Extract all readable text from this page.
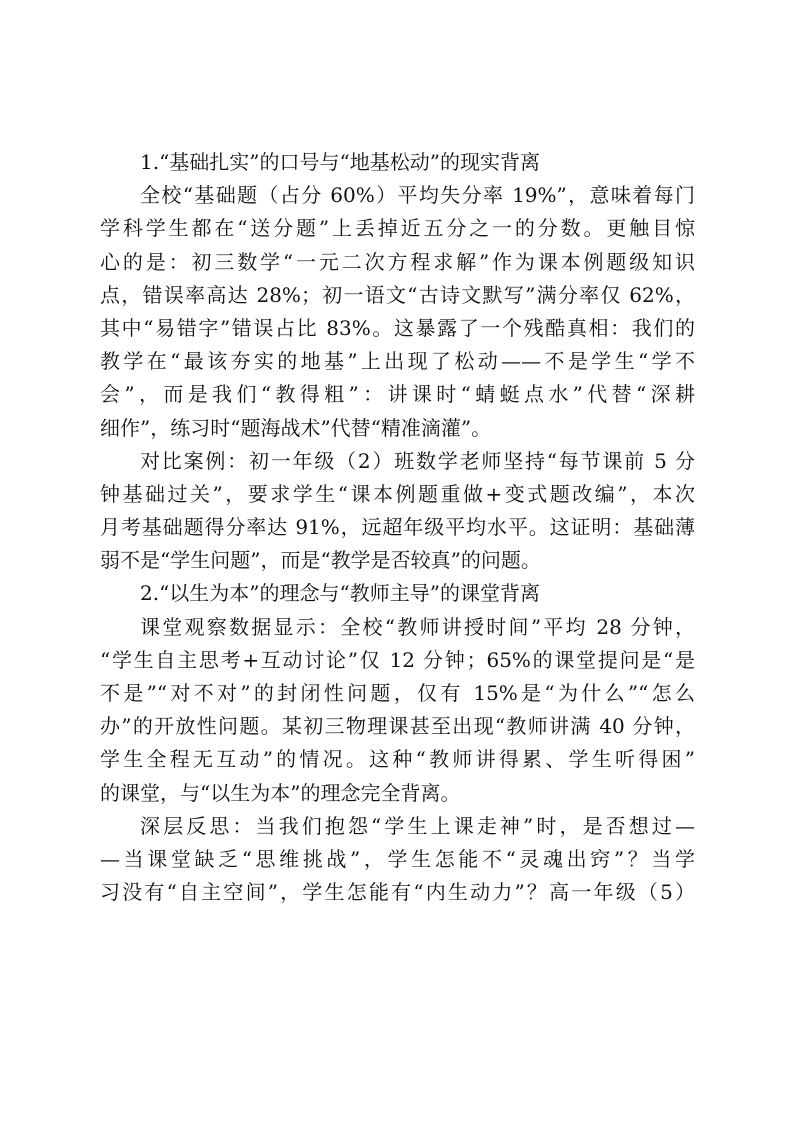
1.“基础扎实”的口号与“地基松动”的现实背离
全校“基础题（占分 60%）平均失分率 19%”，意味着每门
学科学生都在“送分题”上丢掉近五分之一的分数。更触目惊
心的是：初三数学“一元二次方程求解”作为课本例题级知识
点，错误率高达 28%；初一语文“古诗文默写”满分率仅 62%，
其中“易错字”错误占比 83%。这暴露了一个残酷真相：我们的
教学在“最该夯实的地基”上出现了松动——不是学生“学不
会”，而是我们“教得粗”：讲课时“蜻蜓点水”代替“深耕
细作”，练习时“题海战术”代替“精准滴灌”。
对比案例：初一年级（2）班数学老师坚持“每节课前 5 分
钟基础过关”，要求学生“课本例题重做+变式题改编”，本次
月考基础题得分率达 91%，远超年级平均水平。这证明：基础薄
弱不是“学生问题”，而是“教学是否较真”的问题。
2.“以生为本”的理念与“教师主导”的课堂背离
课堂观察数据显示：全校“教师讲授时间”平均 28 分钟，
“学生自主思考+互动讨论”仅 12 分钟；65%的课堂提问是“是
不是”“对不对”的封闭性问题，仅有 15%是“为什么”“怎么
办”的开放性问题。某初三物理课甚至出现“教师讲满 40 分钟，
学生全程无互动”的情况。这种“教师讲得累、学生听得困”
的课堂，与“以生为本”的理念完全背离。
深层反思：当我们抱怨“学生上课走神”时，是否想过—
—当课堂缺乏“思维挑战”，学生怎能不“灵魂出窍”？当学
习没有“自主空间”，学生怎能有“内生动力”？高一年级（5）
